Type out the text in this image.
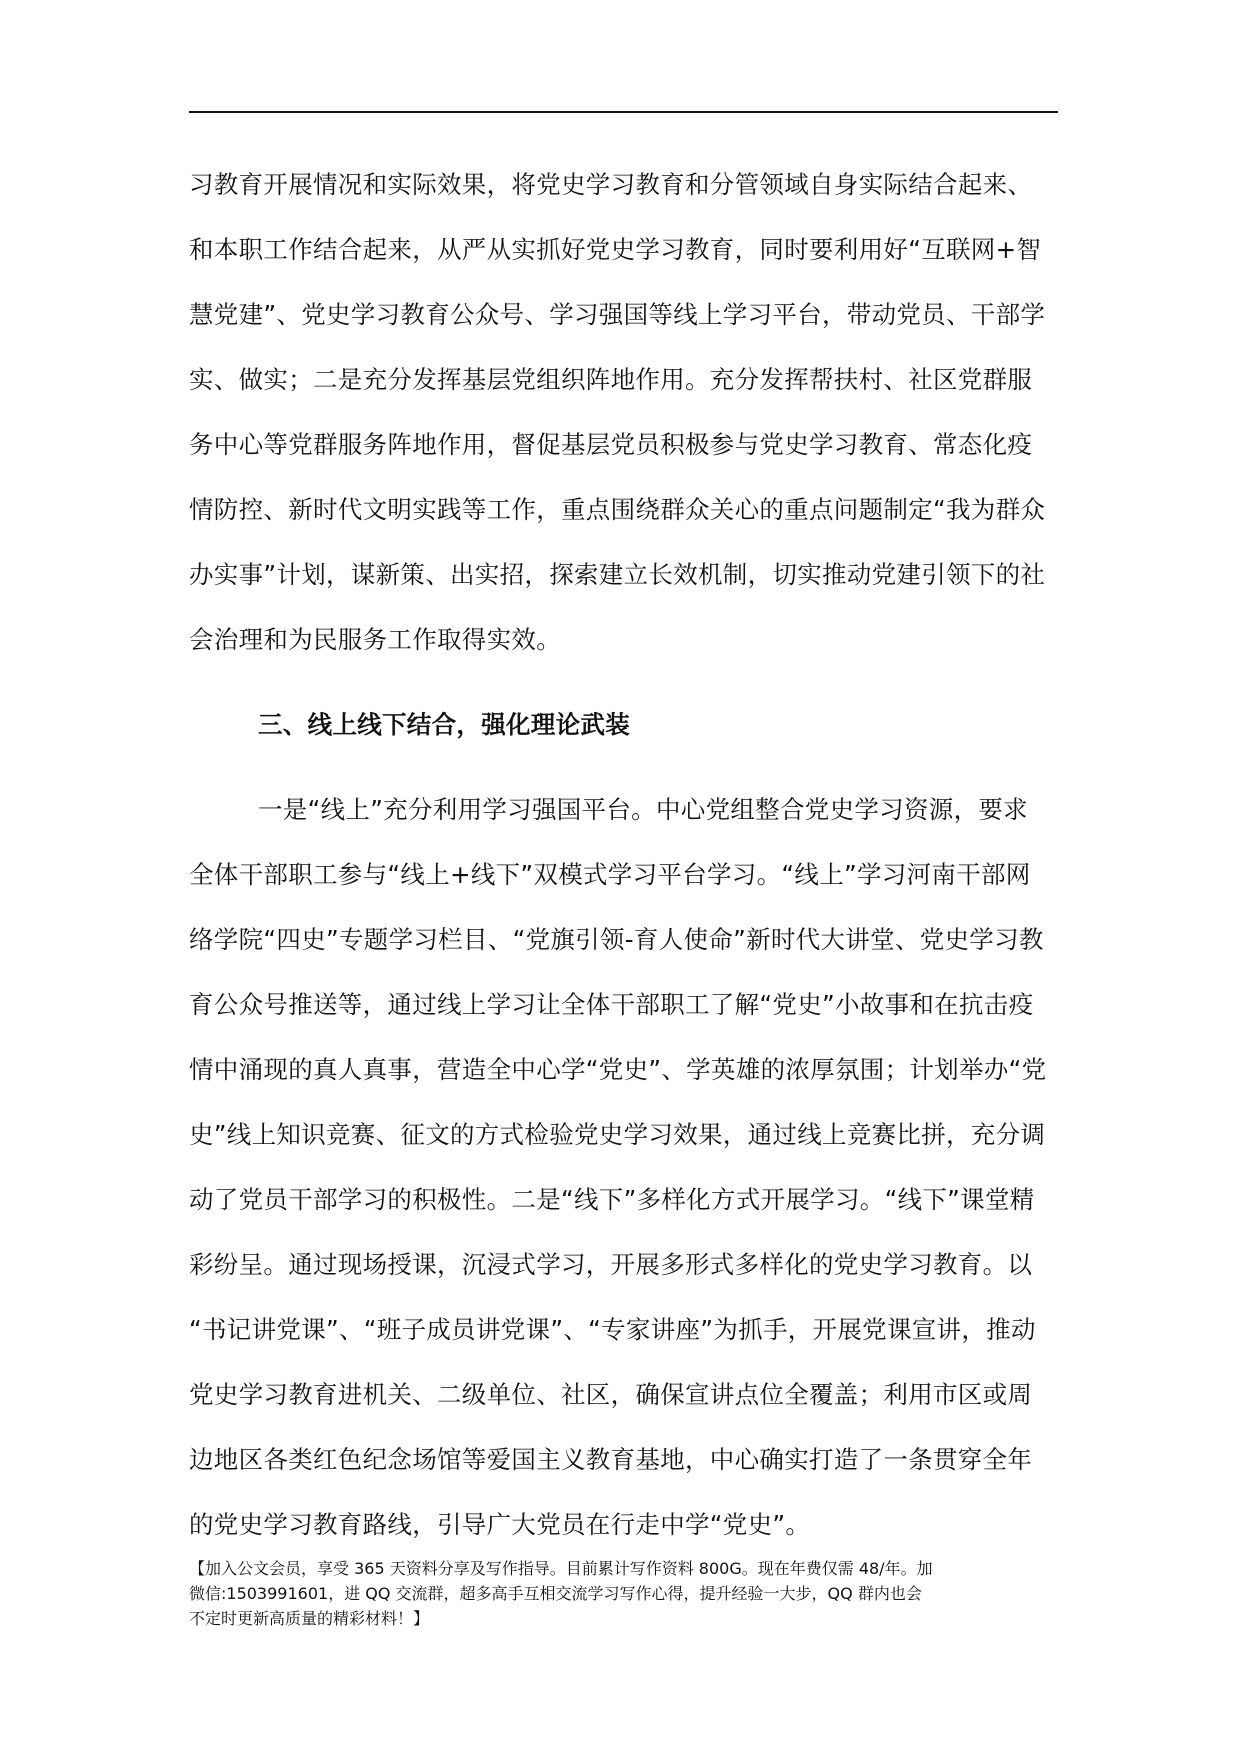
习教育开展情况和实际效果，将党史学习教育和分管领域自身实际结合起来、
和本职工作结合起来，从严从实抓好党史学习教育，同时要利用好“互联网+智
慧党建”、党史学习教育公众号、学习强国等线上学习平台，带动党员、干部学
实、做实；二是充分发挥基层党组织阵地作用。充分发挥帮扶村、社区党群服
务中心等党群服务阵地作用，督促基层党员积极参与党史学习教育、常态化疫
情防控、新时代文明实践等工作，重点围绕群众关心的重点问题制定“我为群众
办实事”计划，谋新策、出实招，探索建立长效机制，切实推动党建引领下的社
会治理和为民服务工作取得实效。
三、线上线下结合，强化理论武装
一是“线上”充分利用学习强国平台。中心党组整合党史学习资源，要求
全体干部职工参与“线上+线下”双模式学习平台学习。“线上”学习河南干部网
络学院“四史”专题学习栏目、“党旗引领-育人使命”新时代大讲堂、党史学习教
育公众号推送等，通过线上学习让全体干部职工了解“党史”小故事和在抗击疫
情中涌现的真人真事，营造全中心学“党史”、学英雄的浓厚氛围；计划举办“党
史”线上知识竞赛、征文的方式检验党史学习效果，通过线上竞赛比拼，充分调
动了党员干部学习的积极性。二是“线下”多样化方式开展学习。“线下”课堂精
彩纷呈。通过现场授课，沉浸式学习，开展多形式多样化的党史学习教育。以
“书记讲党课”、“班子成员讲党课”、“专家讲座”为抓手，开展党课宣讲，推动
党史学习教育进机关、二级单位、社区，确保宣讲点位全覆盖；利用市区或周
边地区各类红色纪念场馆等爱国主义教育基地，中心确实打造了一条贯穿全年
的党史学习教育路线，引导广大党员在行走中学“党史”。
【加入公文会员，享受 365 天资料分享及写作指导。目前累计写作资料 800G。现在年费仅需 48/年。加
微信:1503991601，进 QQ 交流群，超多高手互相交流学习写作心得，提升经验一大步，QQ 群内也会
不定时更新高质量的精彩材料！】
